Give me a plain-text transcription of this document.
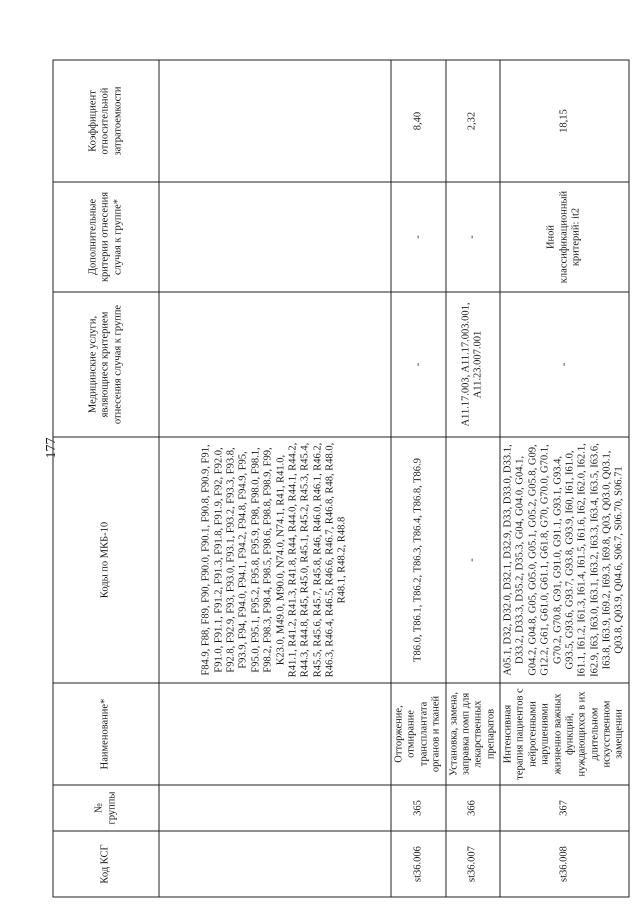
177
Код КСГ	№ группы	Наименование*	Коды по МКБ-10	Медицинские услуги, являющиеся критерием отнесения случая к группе	Дополнительные критерии отнесения случая к группе*	Коэффициент относительной затратоемкости
			F84.9, F88, F89, F90, F90.0, F90.1, F90.8, F90.9, F91, F91.0, F91.1, F91.2, F91.3, F91.8, F91.9, F92, F92.0, F92.8, F92.9, F93, F93.0, F93.1, F93.2, F93.3, F93.8, F93.9, F94, F94.0, F94.1, F94.2, F94.8, F94.9, F95, F95.0, F95.1, F95.2, F95.8, F95.9, F98, F98.0, F98.1, F98.2, F98.3, F98.4, F98.5, F98.6, F98.8, F98.9, F99, K23.0, M49.0, M90.0, N74.0, N74.1, R41, R41.0, R41.1, R41.2, R41.3, R41.8, R44, R44.0, R44.1, R44.2, R44.3, R44.8, R45, R45.0, R45.1, R45.2, R45.3, R45.4, R45.5, R45.6, R45.7, R45.8, R46, R46.0, R46.1, R46.2, R46.3, R46.4, R46.5, R46.6, R46.7, R46.8, R48, R48.0, R48.1, R48.2, R48.8			
st36.006	365	Отторжение, отмирание трансплантата органов и тканей	T86.0, T86.1, T86.2, T86.3, T86.4, T86.8, T86.9	-	-	8,40
st36.007	366	Установка, замена, заправка помп для лекарственных препаратов	-	A11.17.003, A11.17.003.001, A11.23.007.001	-	2,32
st36.008	367	Интенсивная терапия пациентов с нейрогенными нарушениями жизненно важных функций, нуждающихся в их длительном искусственном замещении	A05.1, D32, D32.0, D32.1, D32.9, D33, D33.0, D33.1, D33.2, D33.3, D35.2, D35.3, G04, G04.0, G04.1, G04.2, G04.8, G05, G05.0, G05.1, G05.2, G05.8, G09, G12.2, G61, G61.0, G61.1, G61.8, G70, G70.0, G70.1, G70.2, G70.8, G91, G91.0, G91.1, G93.1, G93.4, G93.5, G93.6, G93.7, G93.8, G93.9, I60, I61, I61.0, I61.1, I61.2, I61.3, I61.4, I61.5, I61.6, I62, I62.0, I62.1, I62.9, I63, I63.0, I63.1, I63.2, I63.3, I63.4, I63.5, I63.6, I63.8, I63.9, I69.2, I69.3, I69.8, Q03, Q03.0, Q03.1, Q03.8, Q03.9, Q04.6, S06.7, S06.70, S06.71	-	Иной классификационный критерий: it2	18,15
